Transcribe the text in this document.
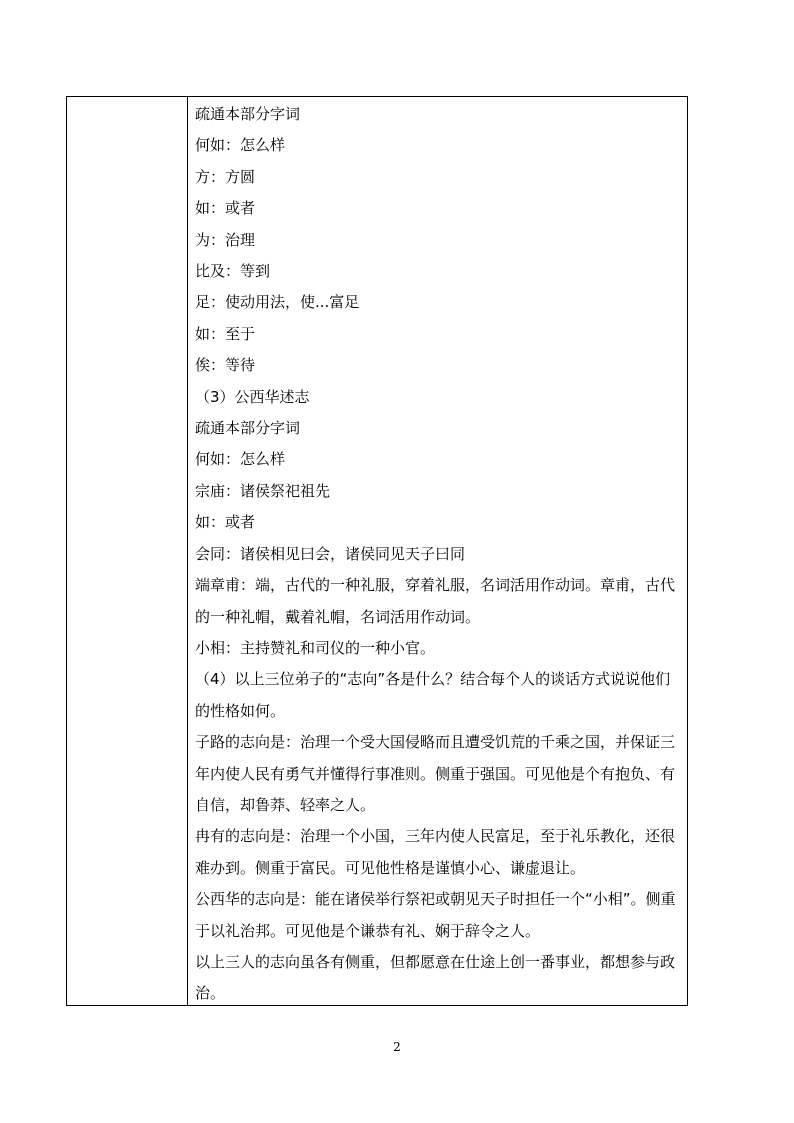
疏通本部分字词
何如：怎么样
方：方圆
如：或者
为：治理
比及：等到
足：使动用法，使...富足
如：至于
俟：等待
（3）公西华述志
疏通本部分字词
何如：怎么样
宗庙：诸侯祭祀祖先
如：或者
会同：诸侯相见曰会，诸侯同见天子曰同
端章甫：端，古代的一种礼服，穿着礼服，名词活用作动词。章甫，古代的一种礼帽，戴着礼帽，名词活用作动词。
小相：主持赞礼和司仪的一种小官。
（4）以上三位弟子的“志向”各是什么？结合每个人的谈话方式说说他们的性格如何。
子路的志向是：治理一个受大国侵略而且遭受饥荒的千乘之国，并保证三年内使人民有勇气并懂得行事准则。侧重于强国。可见他是个有抱负、有自信，却鲁莽、轻率之人。
冉有的志向是：治理一个小国，三年内使人民富足，至于礼乐教化，还很难办到。侧重于富民。可见他性格是谨慎小心、谦虚退让。
公西华的志向是：能在诸侯举行祭祀或朝见天子时担任一个“小相”。侧重于以礼治邦。可见他是个谦恭有礼、娴于辞令之人。
以上三人的志向虽各有侧重，但都愿意在仕途上创一番事业，都想参与政治。
2
